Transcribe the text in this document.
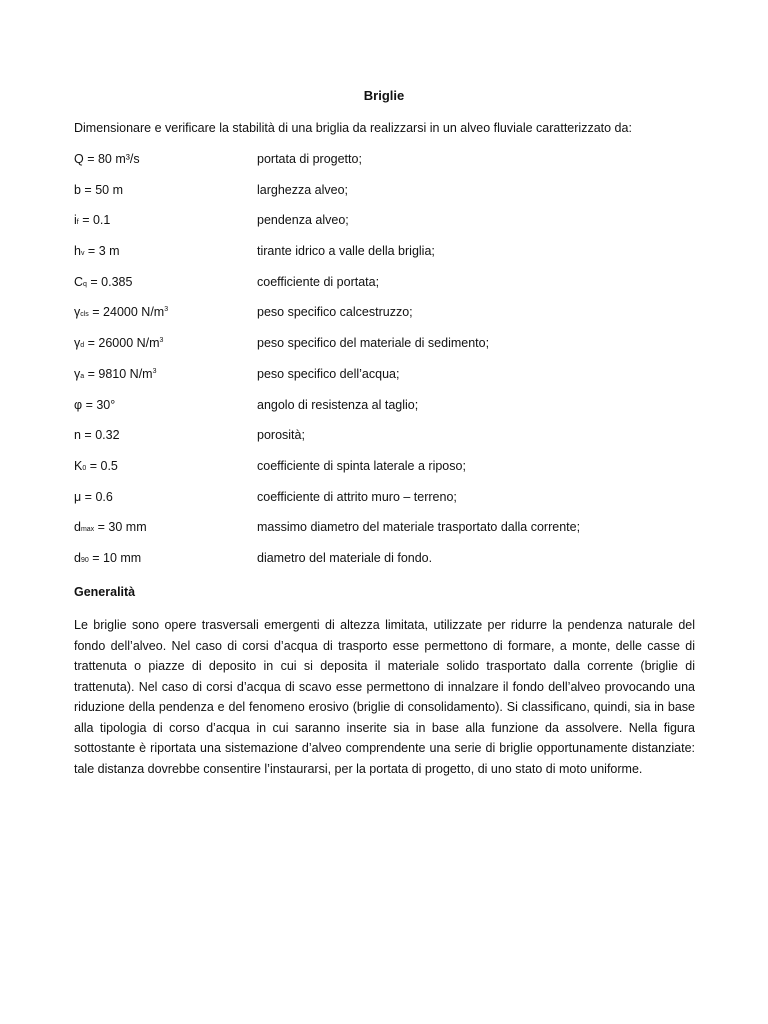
Briglie
Dimensionare e verificare la stabilità di una briglia da realizzarsi in un alveo fluviale caratterizzato da:
Q = 80 m³/s	portata di progetto;
b = 50 m	larghezza alveo;
if = 0.1	pendenza alveo;
hv = 3 m	tirante idrico a valle della briglia;
Cq = 0.385	coefficiente di portata;
γcls = 24000 $N/m^3$	peso specifico calcestruzzo;
γd = 26000 $N/m^3$	peso specifico del materiale di sedimento;
γa = 9810 $N/m^3$	peso specifico dell’acqua;
φ = 30°	angolo di resistenza al taglio;
n = 0.32	porosità;
K0 = 0.5	coefficiente di spinta laterale a riposo;
μ = 0.6	coefficiente di attrito muro – terreno;
dmax = 30 mm	massimo diametro del materiale trasportato dalla corrente;
d90 = 10 mm	diametro del materiale di fondo.
Generalità
Le briglie sono opere trasversali emergenti di altezza limitata, utilizzate per ridurre la pendenza naturale del fondo dell’alveo. Nel caso di corsi d’acqua di trasporto esse permettono di formare, a monte, delle casse di trattenuta o piazze di deposito in cui si deposita il materiale solido trasportato dalla corrente (briglie di trattenuta). Nel caso di corsi d’acqua di scavo esse permettono di innalzare il fondo dell’alveo provocando una riduzione della pendenza e del fenomeno erosivo (briglie di consolidamento). Si classificano, quindi, sia in base alla tipologia di corso d’acqua in cui saranno inserite sia in base alla funzione da assolvere. Nella figura sottostante è riportata una sistemazione d’alveo comprendente una serie di briglie opportunamente distanziate: tale distanza dovrebbe consentire l’instaurarsi, per la portata di progetto, di uno stato di moto uniforme.
